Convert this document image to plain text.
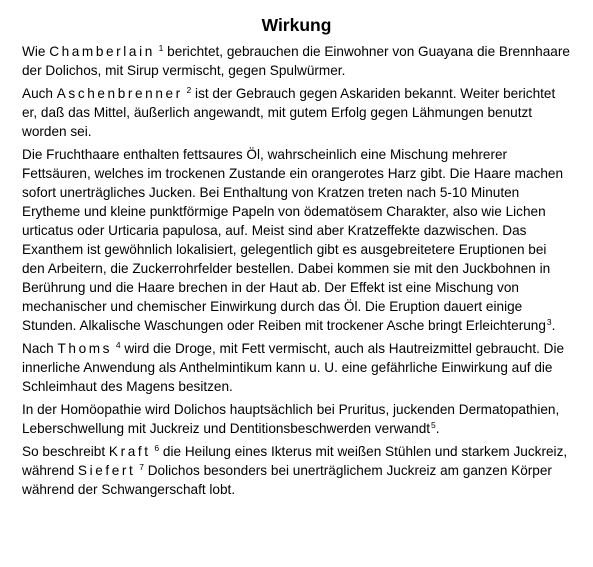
Wirkung

Wie Chamberlain $^1$ berichtet, gebrauchen die Einwohner von Guayana die Brennhaare der Dolichos, mit Sirup vermischt, gegen Spulwürmer.

Auch Aschenbrenner $^2$ ist der Gebrauch gegen Askariden bekannt. Weiter berichtet er, daß das Mittel, äußerlich angewandt, mit gutem Erfolg gegen Lähmungen benutzt worden sei.

Die Fruchthaare enthalten fettsaures Öl, wahrscheinlich eine Mischung mehrerer Fettsäuren, welches im trockenen Zustande ein orangerotes Harz gibt. Die Haare machen sofort unerträgliches Jucken. Bei Enthaltung von Kratzen treten nach 5-10 Minuten Erytheme und kleine punktförmige Papeln von ödematösem Charakter, also wie Lichen urticatus oder Urticaria papulosa, auf. Meist sind aber Kratzeffekte dazwischen. Das Exanthem ist gewöhnlich lokalisiert, gelegentlich gibt es ausgebreitetere Eruptionen bei den Arbeitern, die Zuckerrohrfelder bestellen. Dabei kommen sie mit den Juckbohnen in Berührung und die Haare brechen in der Haut ab. Der Effekt ist eine Mischung von mechanischer und chemischer Einwirkung durch das Öl. Die Eruption dauert einige Stunden. Alkalische Waschungen oder Reiben mit trockener Asche bringt Erleichterung$^3$.

Nach Thoms $^4$ wird die Droge, mit Fett vermischt, auch als Hautreizmittel gebraucht. Die innerliche Anwendung als Anthelmintikum kann u. U. eine gefährliche Einwirkung auf die Schleimhaut des Magens besitzen.

In der Homöopathie wird Dolichos hauptsächlich bei Pruritus, juckenden Dermatopathien, Leberschwellung mit Juckreiz und Dentitionsbeschwerden verwandt$^5$.

So beschreibt Kraft $^6$ die Heilung eines Ikterus mit weißen Stühlen und starkem Juckreiz, während Siefert $^7$ Dolichos besonders bei unerträglichem Juckreiz am ganzen Körper während der Schwangerschaft lobt.
